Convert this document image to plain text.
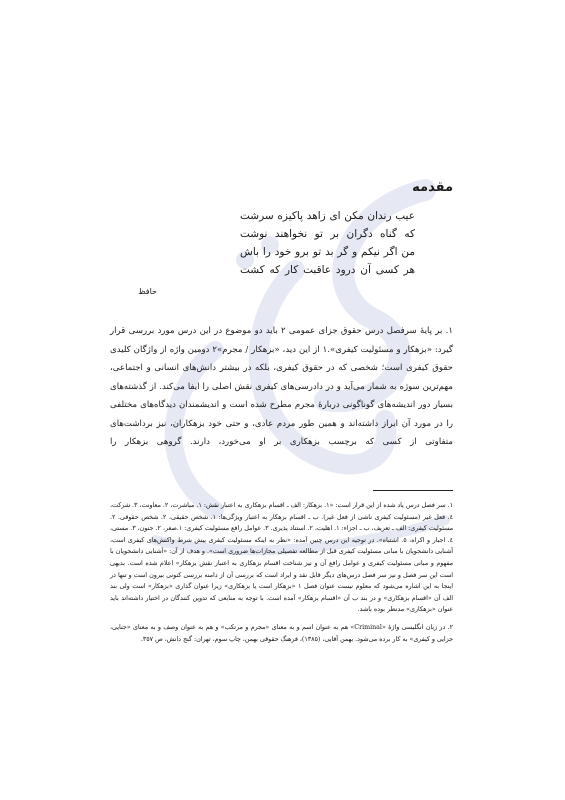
مقدمه
عیب رندان مکن ای زاهد پاکیزه سرشت
که گناه دگران بر تو نخواهند نوشت
من اگر نیکم و گر بد تو برو خود را باش
هر کسی آن درود عاقبت کار که کشت
حافظ

۱. بر پایهٔ سرفصل درس حقوق جزای عمومی ۲ باید دو موضوع در این درس مورد بررسی قرار گیرد: «بزهکار و مسئولیت کیفری».۱ از این دید، «بزهکار / مجرم»۲ دومین واژه از واژگان کلیدی حقوق کیفری است؛ شخصی که در حقوق کیفری، بلکه در بیشتر دانش‌های انسانی و اجتماعی، مهم‌ترین سوژه به شمار می‌آید و در دادرسی‌های کیفری نقش اصلی را ایفا می‌کند. از گذشته‌های بسیار دور اندیشه‌های گوناگونی دربارهٔ مجرم مطرح شده است و اندیشمندان دیدگاه‌های مختلفی را در مورد آن ابراز داشته‌اند و همین طور مردم عادی، و حتی خود بزهکاران، نیز برداشت‌های متفاوتی از کسی که برچسب بزهکاری بر او می‌خورد، دارند. گروهی بزهکار را

۱. سر فصل درس یاد شده از این قرار است: «۱. بزهکار: الف ـ اقسام بزهکاری به اعتبار نقش: ۱. مباشرت، ۲. معاونت، ۳. شرکت، ٤. فعل غیر (مسئولیت کیفری ناشی از فعل غیر). ب ـ اقسام بزهکار به اعتبار ویژگی‌ها: ۱. شخص حقیقی، ۲. شخص حقوقی. ۲. مسئولیت کیفری: الف ـ تعریف، ب ـ اجزاء: ۱. اهلیت، ۲. استناد پذیری. ۳. عوامل رافع مسئولیت کیفری: ۱.صغر، ۲. جنون، ۳. مستی، ٤. اجبار و اکراه، ٥. اشتباه». در توجیه این درس چنین آمده: «نظر به اینکه مسئولیت کیفری پیش شرط واکنش‌های کیفری است، آشنایی دانشجویان با مبانی مسئولیت کیفری قبل از مطالعه تفصیلی مجازات‌ها ضروری است». و هدف از آن: «آشنایی دانشجویان با مفهوم و مبانی مسئولیت کیفری و عوامل رافع آن و نیز شناخت اقسام بزهکاری به اعتبار نقش بزهکار» اعلام شده است. بدیهی است این سر فصل و نیز سر فصل درس‌های دیگر قابل نقد و ایراد است که بررسی آن از دامنه بررسی کنونی بیرون است و تنها در اینجا به این اشاره می‌شود که معلوم نیست عنوان فصل ۱ «بزهکار است یا بزهکاری» زیرا عنوان گذاری «بزهکار» است ولی بند الف آن «اقسام بزهکاری» و در بند ب آن «اقسام بزهکار» آمده است. با توجه به منابعی که تدوین کنندگان در اختیار داشته‌اند باید عنوان «بزهکاری» مدنظر بوده باشد.

۲. در زبان انگلیسی واژهٔ «Criminal» هم به عنوان اسم و به معنای «مجرم و مرتکب» و هم به عنوان وصف و به معنای «جنایی، جزایی و کیفری» به کار برده می‌شود. بهمن آقایی، (۱۳۸٥)، فرهنگ حقوقی بهمن، چاپ سوم، تهران: گنج دانش، ص ۳٥۷.
